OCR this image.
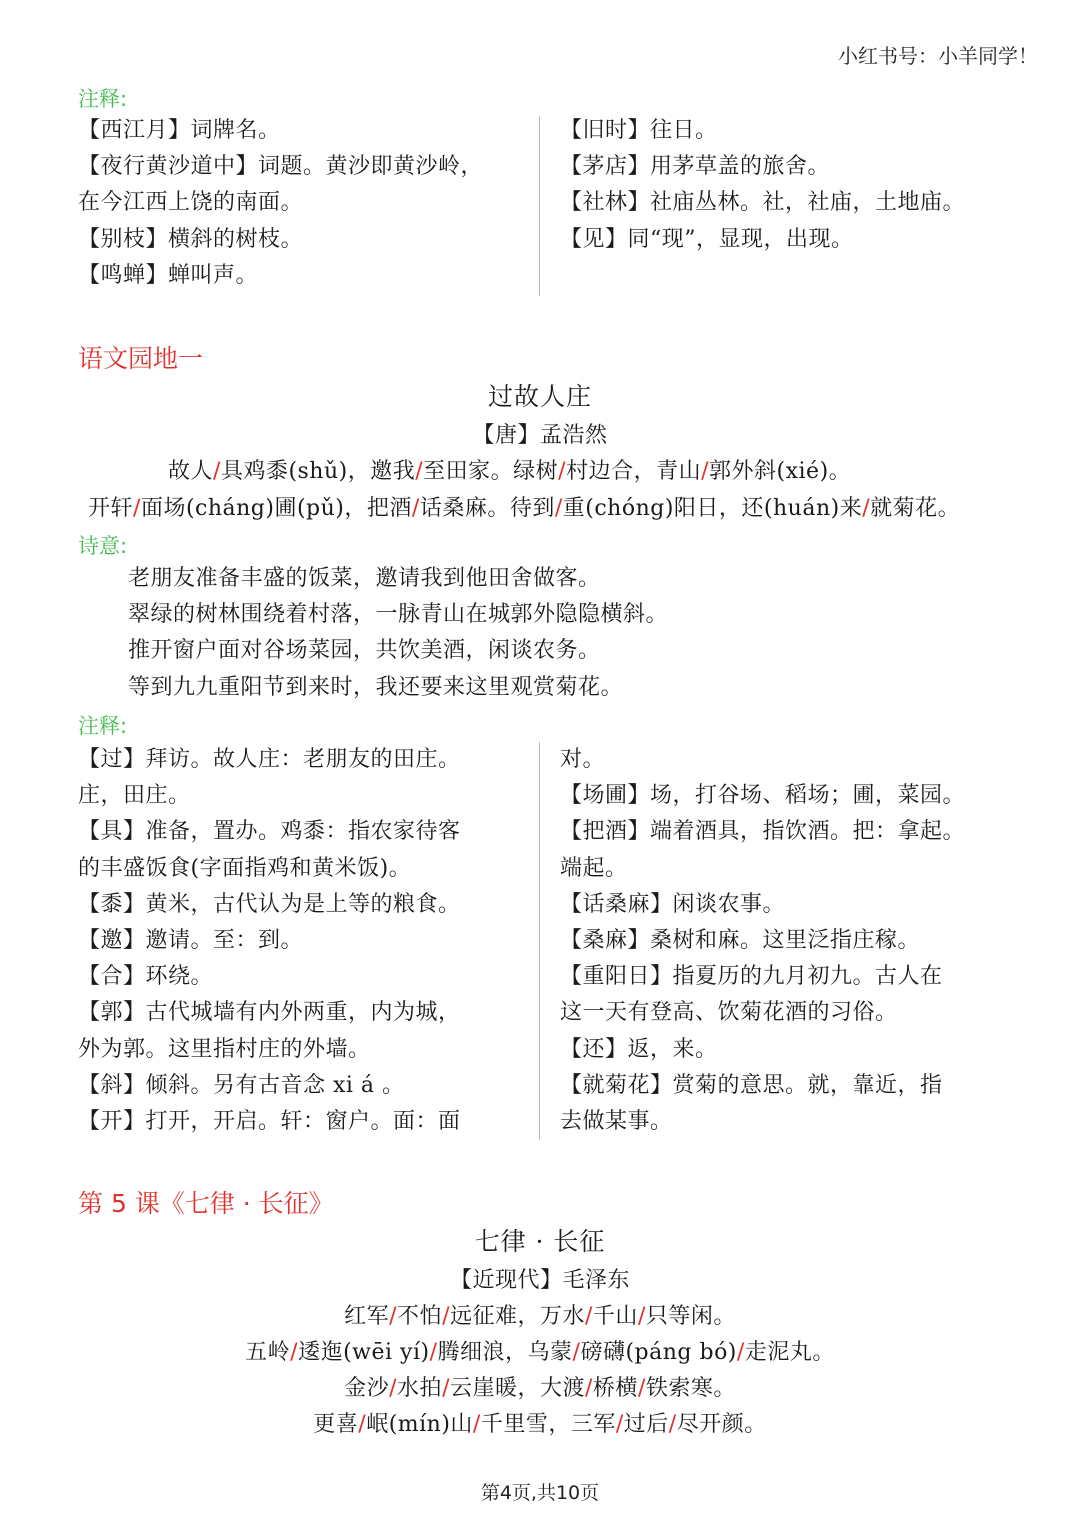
小红书号：小羊同学！
注释:
【西江月】词牌名。
【夜行黄沙道中】词题。黄沙即黄沙岭，
在今江西上饶的南面。
【别枝】横斜的树枝。
【鸣蝉】蝉叫声。
【旧时】往日。
【茅店】用茅草盖的旅舍。
【社林】社庙丛林。社，社庙，土地庙。
【见】同“现”，显现，出现。
语文园地一
过故人庄
【唐】孟浩然
故人/具鸡黍(shǔ)，邀我/至田家。绿树/村边合，青山/郭外斜(xié)。
开轩/面场(cháng)圃(pǔ)，把酒/话桑麻。待到/重(chóng)阳日，还(huán)来/就菊花。
诗意:
老朋友准备丰盛的饭菜，邀请我到他田舍做客。
翠绿的树林围绕着村落，一脉青山在城郭外隐隐横斜。
推开窗户面对谷场菜园，共饮美酒，闲谈农务。
等到九九重阳节到来时，我还要来这里观赏菊花。
注释:
【过】拜访。故人庄：老朋友的田庄。
庄，田庄。
【具】准备，置办。鸡黍：指农家待客
的丰盛饭食(字面指鸡和黄米饭)。
【黍】黄米，古代认为是上等的粮食。
【邀】邀请。至：到。
【合】环绕。
【郭】古代城墙有内外两重，内为城，
外为郭。这里指村庄的外墙。
【斜】倾斜。另有古音念 xi á 。
【开】打开，开启。轩：窗户。面：面
对。
【场圃】场，打谷场、稻场；圃，菜园。
【把酒】端着酒具，指饮酒。把：拿起。
端起。
【话桑麻】闲谈农事。
【桑麻】桑树和麻。这里泛指庄稼。
【重阳日】指夏历的九月初九。古人在
这一天有登高、饮菊花酒的习俗。
【还】返，来。
【就菊花】赏菊的意思。就，靠近，指
去做某事。
第 5 课《七律 · 长征》
七律 · 长征
【近现代】毛泽东
红军/不怕/远征难，万水/千山/只等闲。
五岭/逶迤(wēi yí)/腾细浪，乌蒙/磅礴(páng bó)/走泥丸。
金沙/水拍/云崖暖，大渡/桥横/铁索寒。
更喜/岷(mín)山/千里雪，三军/过后/尽开颜。
第4页,共10页
